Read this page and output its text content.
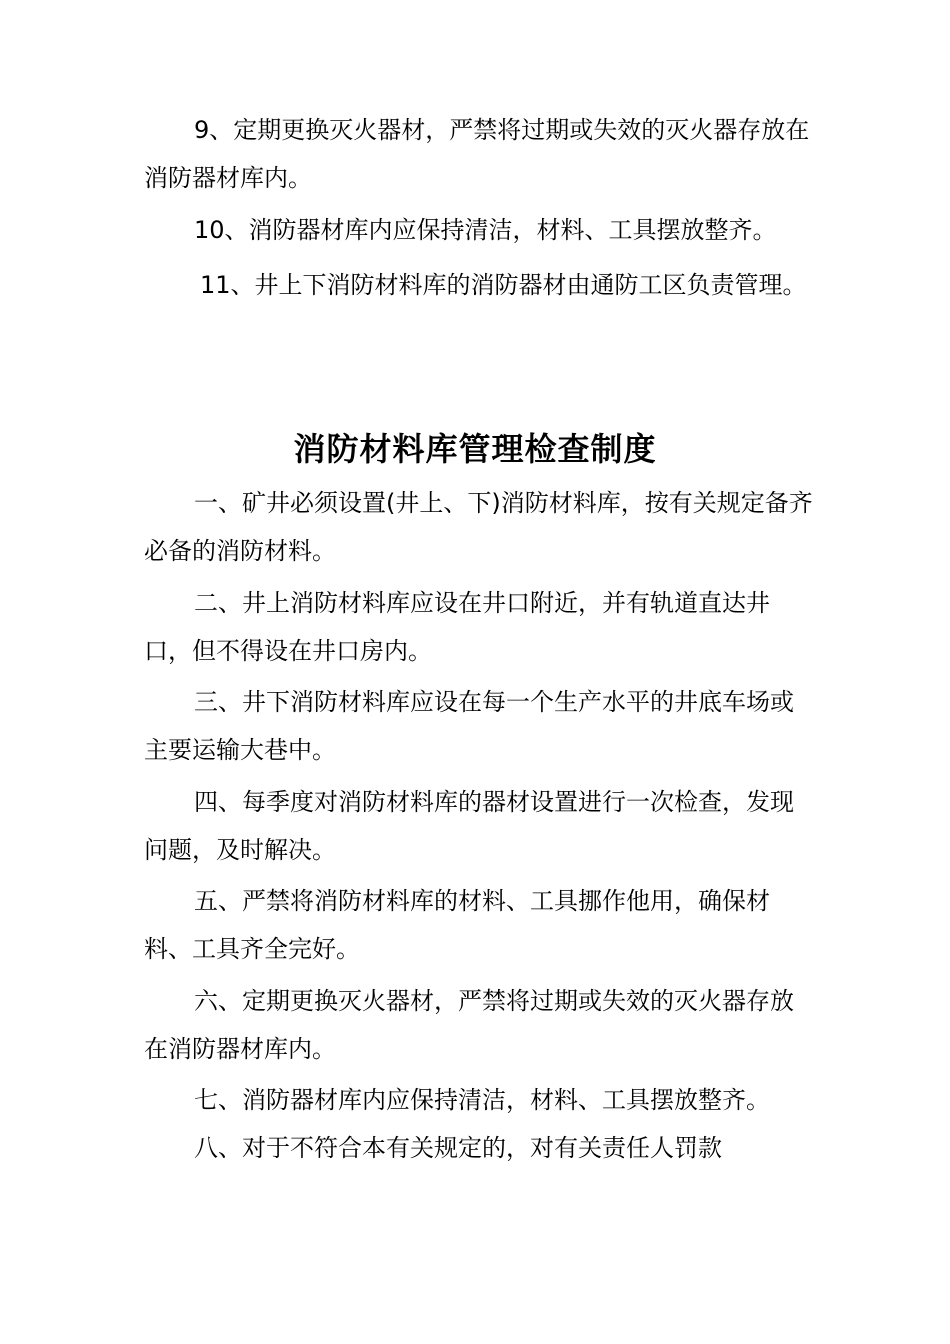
9、定期更换灭火器材，严禁将过期或失效的灭火器存放在消防器材库内。

10、消防器材库内应保持清洁，材料、工具摆放整齐。

11、井上下消防材料库的消防器材由通防工区负责管理。

消防材料库管理检查制度

一、矿井必须设置(井上、下)消防材料库，按有关规定备齐必备的消防材料。

二、井上消防材料库应设在井口附近，并有轨道直达井口，但不得设在井口房内。

三、井下消防材料库应设在每一个生产水平的井底车场或主要运输大巷中。

四、每季度对消防材料库的器材设置进行一次检查，发现问题，及时解决。

五、严禁将消防材料库的材料、工具挪作他用，确保材料、工具齐全完好。

六、定期更换灭火器材，严禁将过期或失效的灭火器存放在消防器材库内。

七、消防器材库内应保持清洁，材料、工具摆放整齐。

八、对于不符合本有关规定的，对有关责任人罚款
